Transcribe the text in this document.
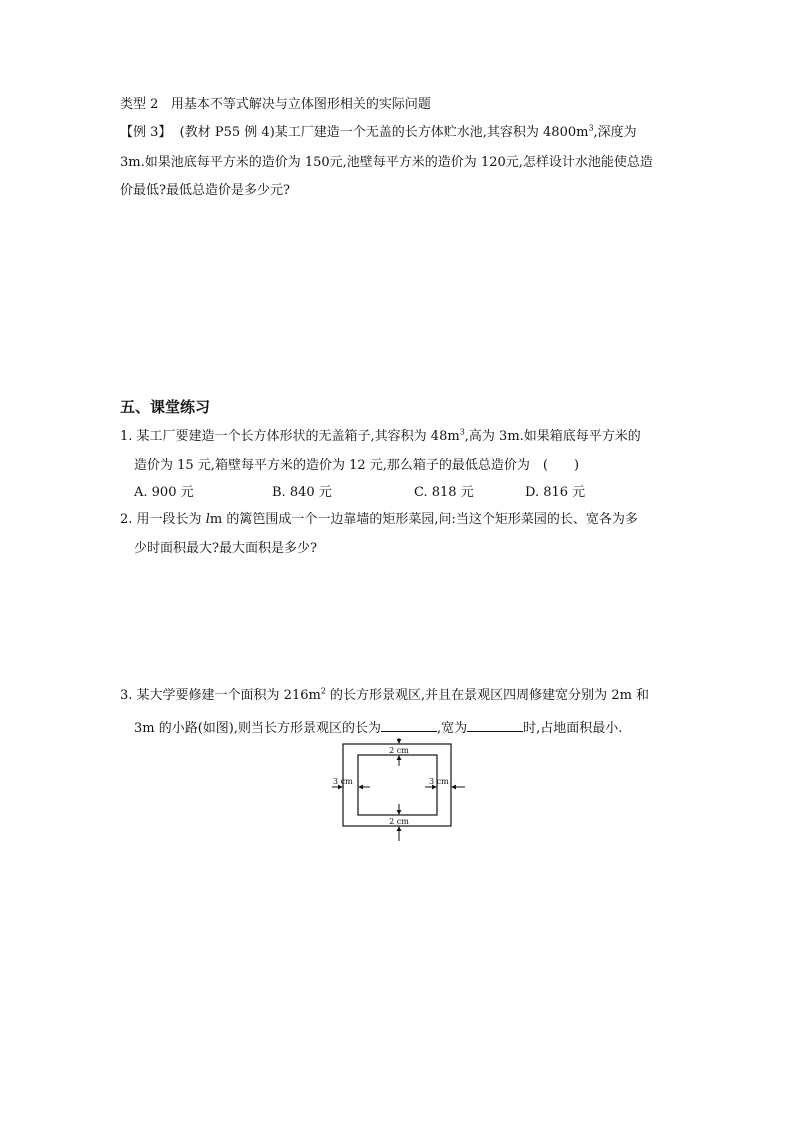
类型 2 用基本不等式解决与立体图形相关的实际问题
【例 3】 (教材 P55 例 4)某工厂建造一个无盖的长方体贮水池,其容积为 $4800m^3$,深度为
3m.如果池底每平方米的造价为 150元,池壁每平方米的造价为 120元,怎样设计水池能使总造
价最低?最低总造价是多少元?
五、课堂练习
1. 某工厂要建造一个长方体形状的无盖箱子,其容积为 $48m^3$,高为 3m.如果箱底每平方米的
造价为 15 元,箱壁每平方米的造价为 12 元,那么箱子的最低总造价为　(　　)
A. 900 元	B. 840 元	C. 818 元	D. 816 元
2. 用一段长为 lm 的篱笆围成一个一边靠墙的矩形菜园,问:当这个矩形菜园的长、宽各为多
少时面积最大?最大面积是多少?
3. 某大学要修建一个面积为 $216m^2$ 的长方形景观区,并且在景观区四周修建宽分别为 2m 和
3m 的小路(如图),则当长方形景观区的长为	,宽为	时,占地面积最小.
2 cm
2 cm
3 cm	3 cm
